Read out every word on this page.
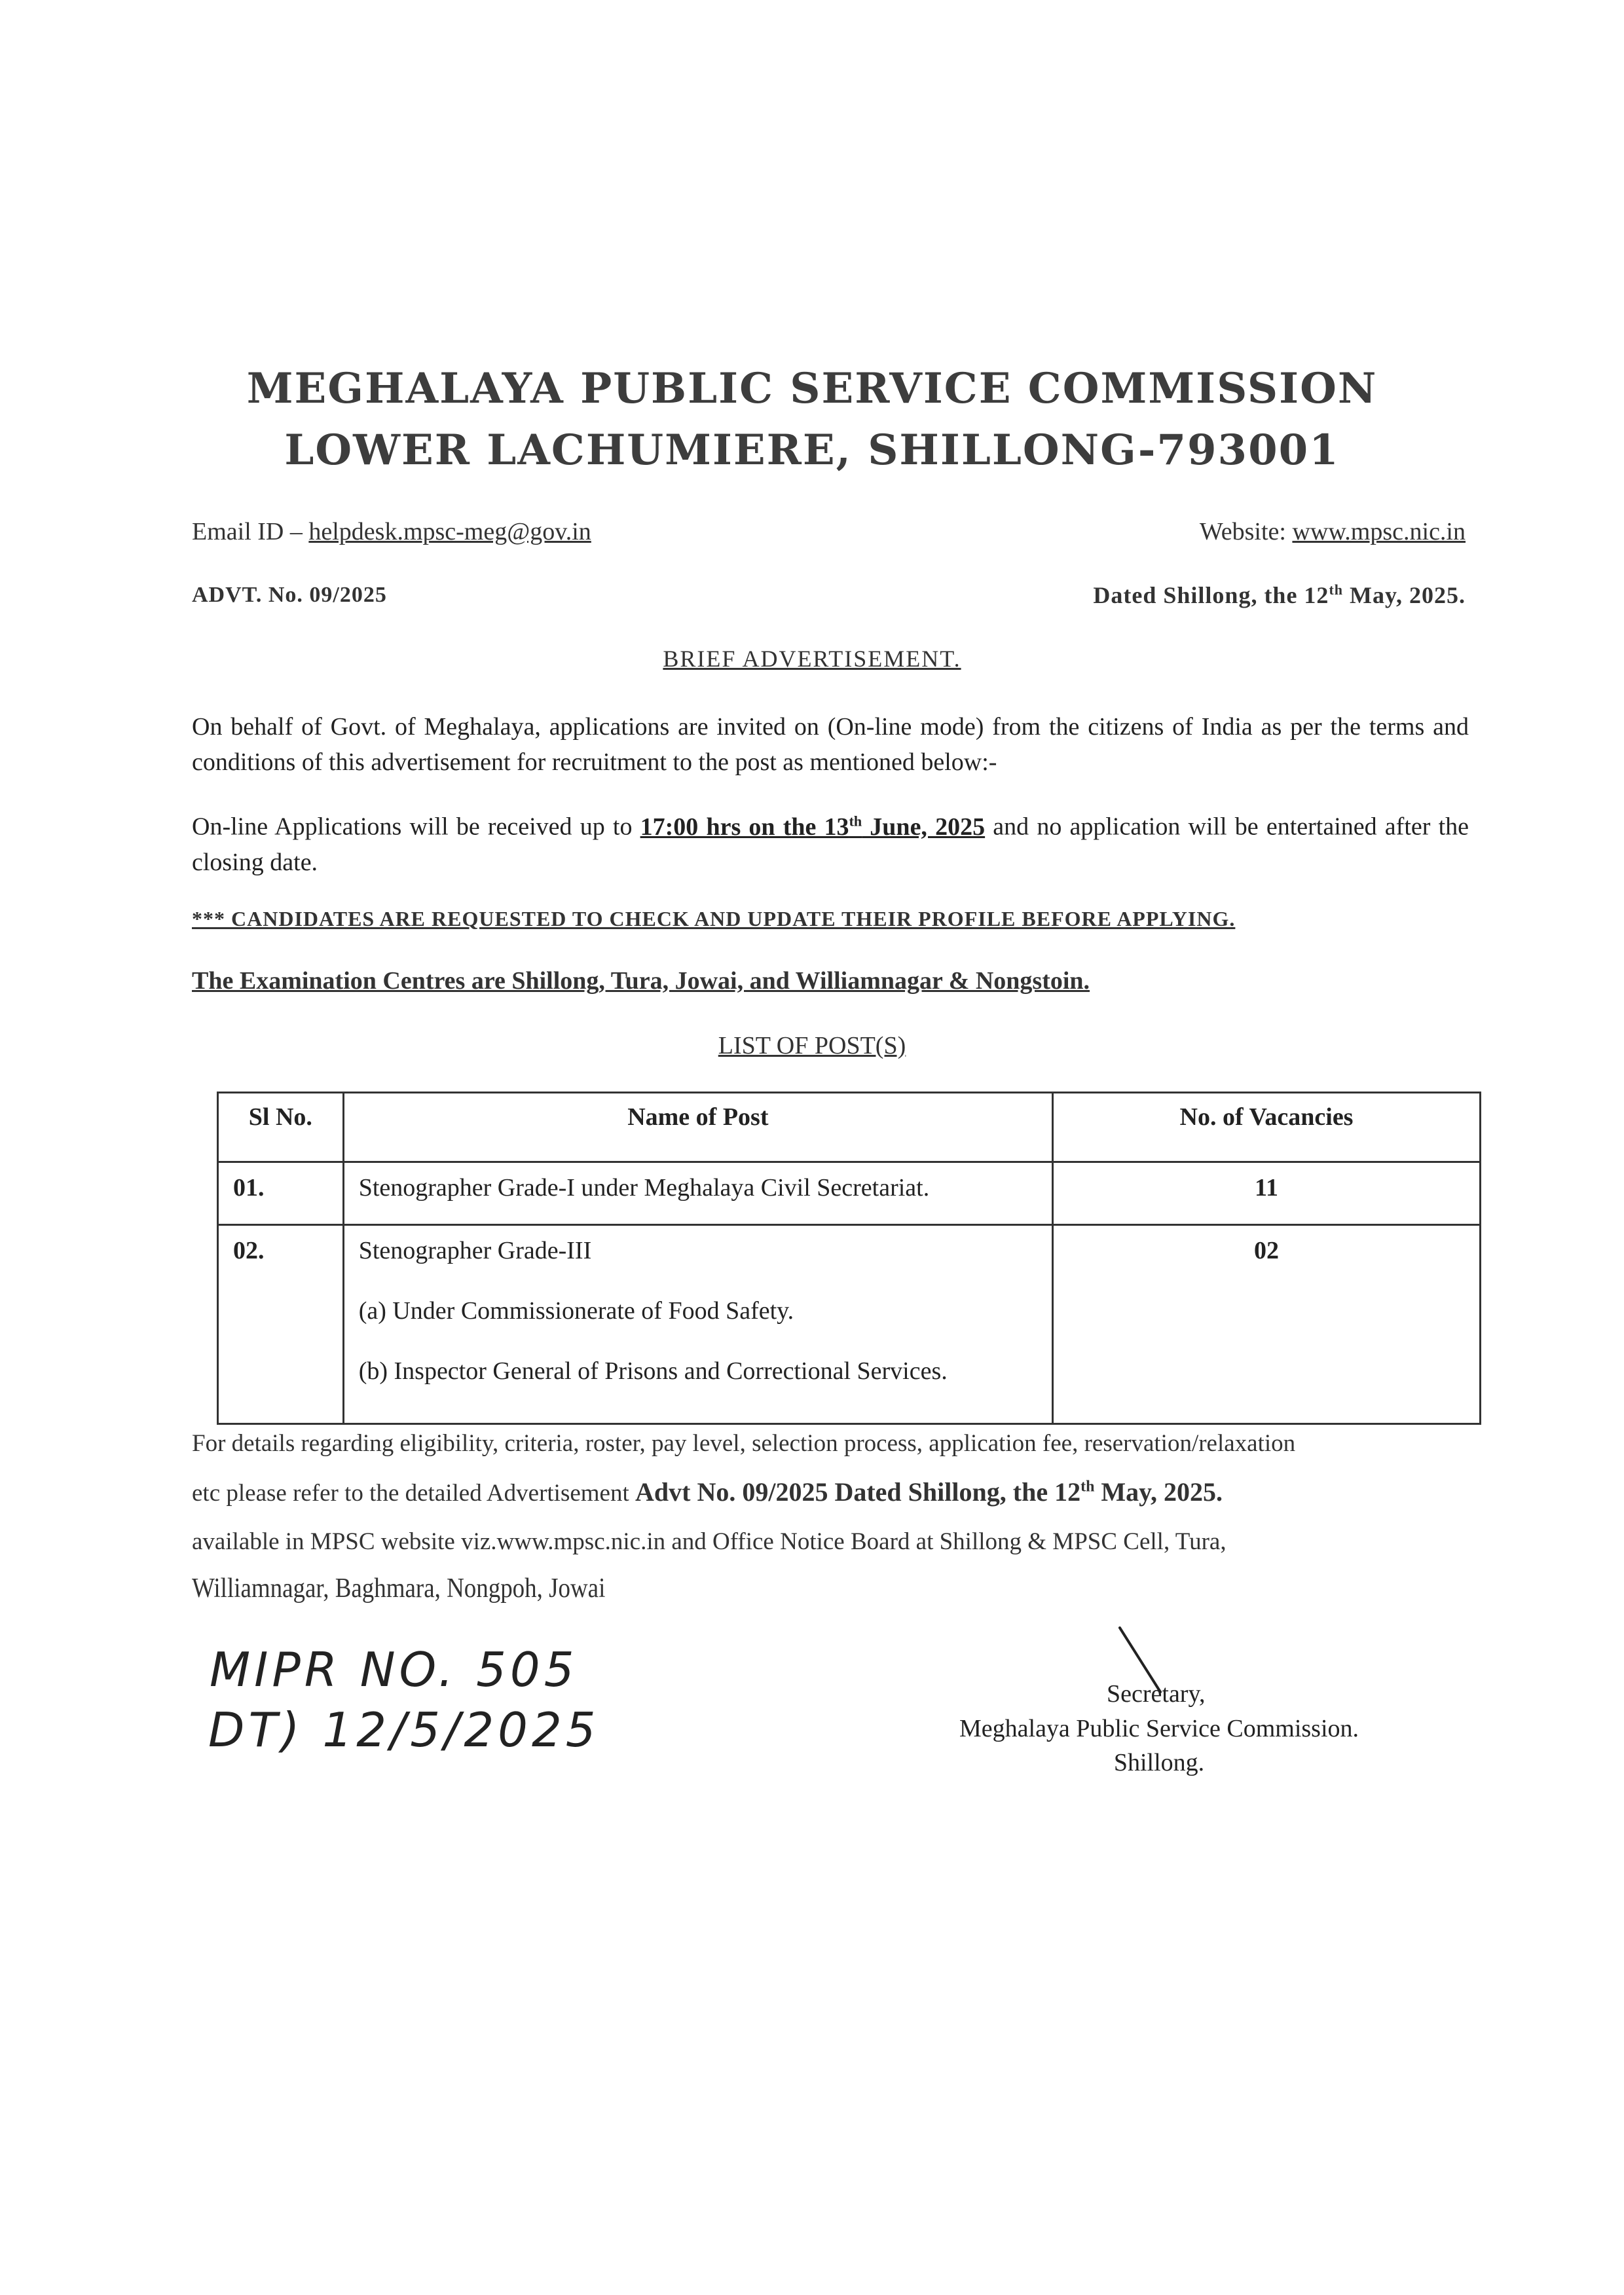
MEGHALAYA PUBLIC SERVICE COMMISSION
LOWER LACHUMIERE, SHILLONG-793001
Email ID – helpdesk.mpsc-meg@gov.in	Website: www.mpsc.nic.in
ADVT. No. 09/2025	Dated Shillong, the 12th May, 2025.
BRIEF ADVERTISEMENT.
On behalf of Govt. of Meghalaya, applications are invited on (On-line mode) from the citizens of India as per the terms and conditions of this advertisement for recruitment to the post as mentioned below:-
On-line Applications will be received up to 17:00 hrs on the 13th June, 2025 and no application will be entertained after the closing date.
*** CANDIDATES ARE REQUESTED TO CHECK AND UPDATE THEIR PROFILE BEFORE APPLYING.
The Examination Centres are Shillong, Tura, Jowai, and Williamnagar & Nongstoin.
LIST OF POST(S)
Sl No.	Name of Post	No. of Vacancies
01.	Stenographer Grade-I under Meghalaya Civil Secretariat.	11
02.	Stenographer Grade-III
(a) Under Commissionerate of Food Safety.
(b) Inspector General of Prisons and Correctional Services.	02
For details regarding eligibility, criteria, roster, pay level, selection process, application fee, reservation/relaxation
etc please refer to the detailed Advertisement Advt No. 09/2025 Dated Shillong, the 12th May, 2025.
available in MPSC website viz.www.mpsc.nic.in and Office Notice Board at Shillong & MPSC Cell, Tura,
Williamnagar, Baghmara, Nongpoh, Jowai
MIPR NO. 505
DT) 12/5/2025
Secretary,
Meghalaya Public Service Commission.
Shillong.
